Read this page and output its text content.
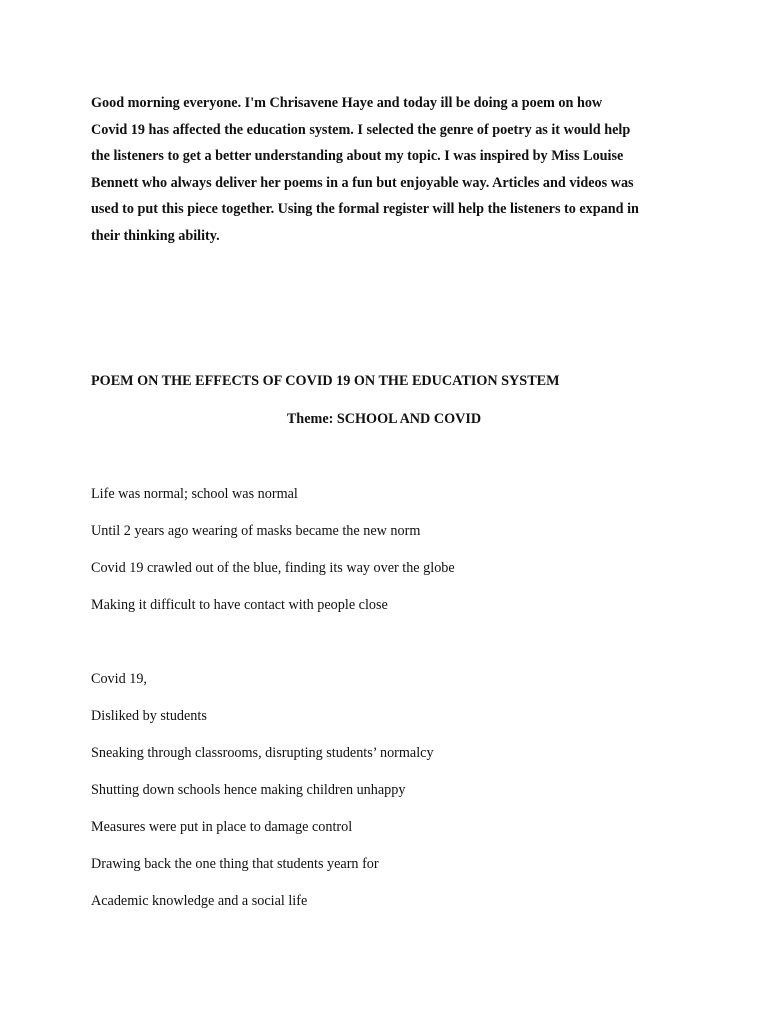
Good morning everyone. I'm Chrisavene Haye and today ill be doing a poem on how
Covid 19 has affected the education system. I selected the genre of poetry as it would help
the listeners to get a better understanding about my topic. I was inspired by Miss Louise
Bennett who always deliver her poems in a fun but enjoyable way. Articles and videos was
used to put this piece together. Using the formal register will help the listeners to expand in
their thinking ability.

POEM ON THE EFFECTS OF COVID 19 ON THE EDUCATION SYSTEM

Theme: SCHOOL AND COVID

Life was normal; school was normal

Until 2 years ago wearing of masks became the new norm

Covid 19 crawled out of the blue, finding its way over the globe

Making it difficult to have contact with people close

Covid 19,

Disliked by students

Sneaking through classrooms, disrupting students’ normalcy

Shutting down schools hence making children unhappy

Measures were put in place to damage control

Drawing back the one thing that students yearn for

Academic knowledge and a social life
